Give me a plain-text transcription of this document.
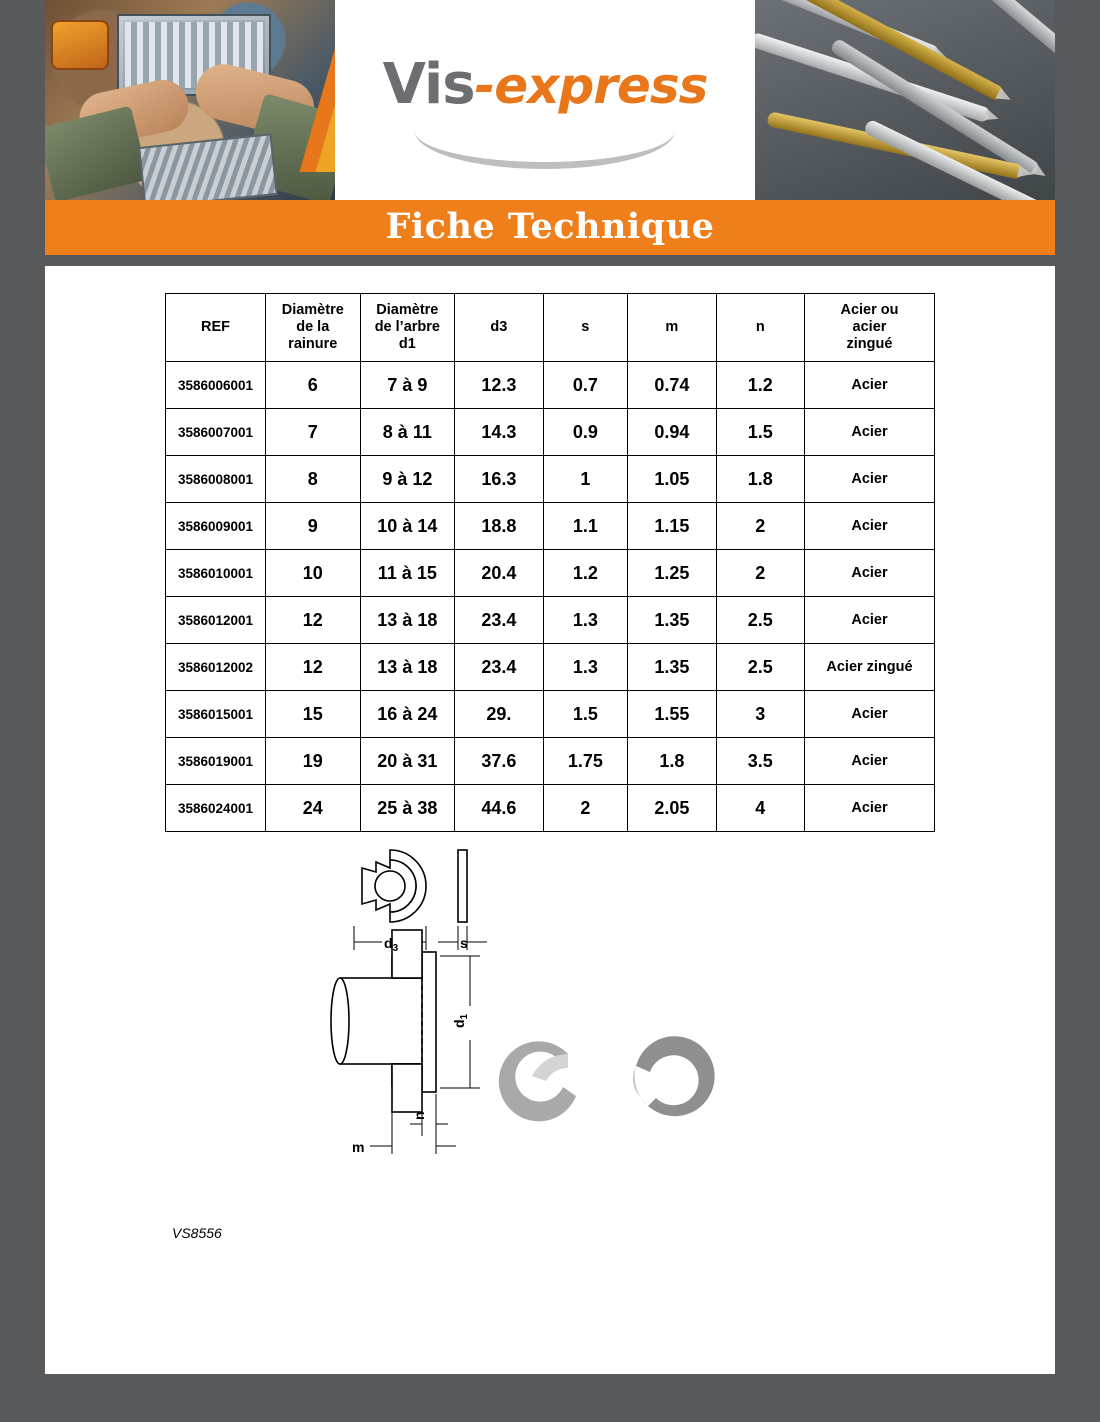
Vis-express
Fiche Technique
REF	Diamètre
de la
rainure	Diamètre
de l’arbre
d1	d3	s	m	n	Acier ou
acier
zingué
3586006001	6	7 à 9	12.3	0.7	0.74	1.2	Acier
3586007001	7	8 à 11	14.3	0.9	0.94	1.5	Acier
3586008001	8	9 à 12	16.3	1	1.05	1.8	Acier
3586009001	9	10 à 14	18.8	1.1	1.15	2	Acier
3586010001	10	11 à 15	20.4	1.2	1.25	2	Acier
3586012001	12	13 à 18	23.4	1.3	1.35	2.5	Acier
3586012002	12	13 à 18	23.4	1.3	1.35	2.5	Acier zingué
3586015001	15	16 à 24	29.	1.5	1.55	3	Acier
3586019001	19	20 à 31	37.6	1.75	1.8	3.5	Acier
3586024001	24	25 à 38	44.6	2	2.05	4	Acier
$d_3$	s
$d_1$
n
m
VS8556
